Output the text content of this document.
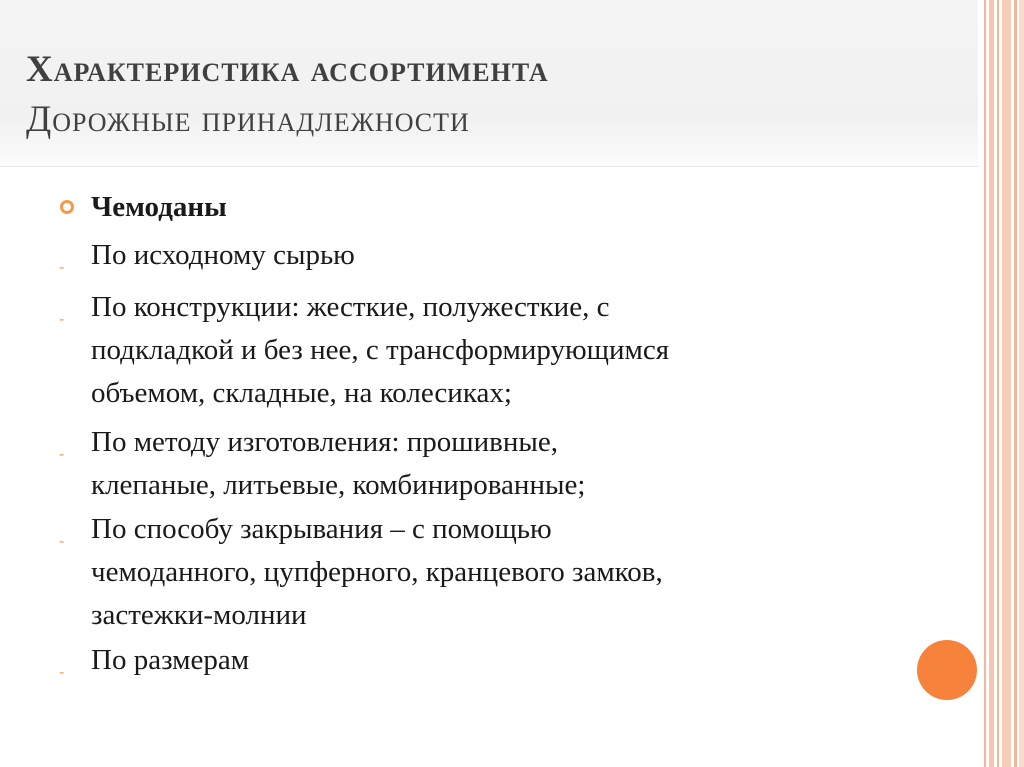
Характеристика ассортимента
Дорожные принадлежности
Чемоданы
- По исходному сырью
- По конструкции: жесткие, полужесткие, с
подкладкой и без нее, с трансформирующимся
объемом, складные, на колесиках;
- По методу изготовления: прошивные,
клепаные, литьевые, комбинированные;
- По способу закрывания – с помощью
чемоданного, цупферного, кранцевого замков,
застежки-молнии
- По размерам
